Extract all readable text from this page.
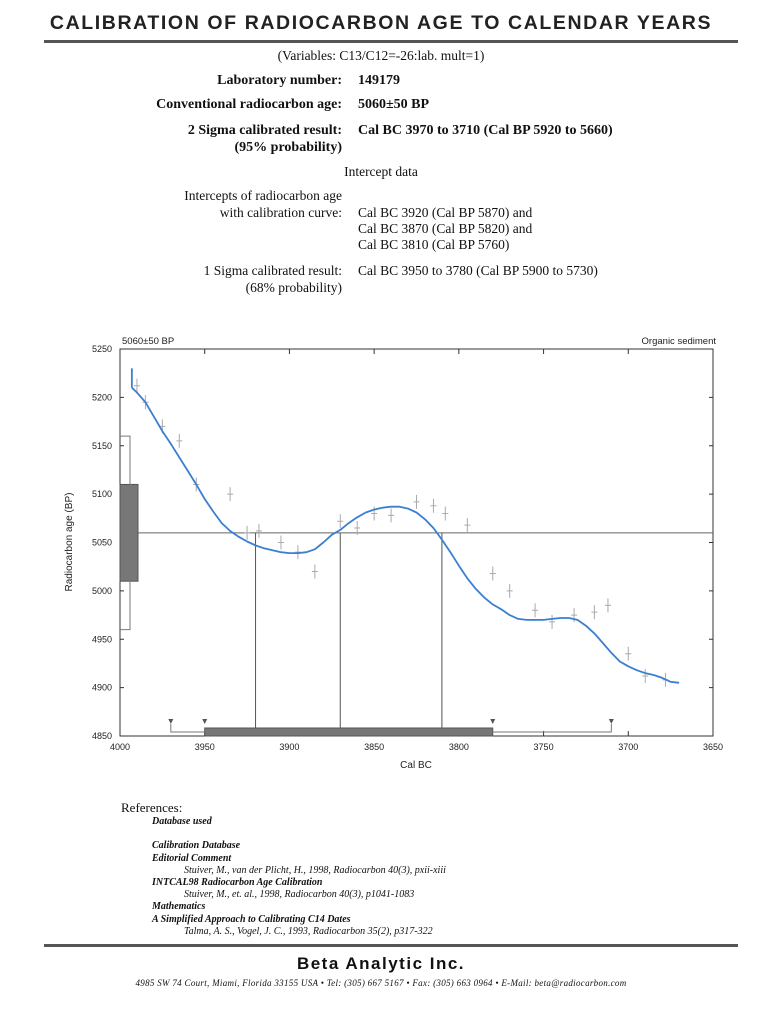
CALIBRATION OF RADIOCARBON AGE TO CALENDAR YEARS
(Variables: C13/C12=-26:lab. mult=1)
Laboratory number: 149179
Conventional radiocarbon age: 5060±50 BP
2 Sigma calibrated result:
(95% probability)
Cal BC 3970 to 3710 (Cal BP 5920 to 5660)
Intercept data
Intercepts of radiocarbon age
with calibration curve: Cal BC 3920 (Cal BP 5870) and
Cal BC 3870 (Cal BP 5820) and
Cal BC 3810 (Cal BP 5760)
1 Sigma calibrated result:
(68% probability)
Cal BC 3950 to 3780 (Cal BP 5900 to 5730)
5060±50 BP	Organic sediment
4000	3950	3900	3850	3800	3750	3700	3650
4850
4900
4950
5000
5050
5100
5150
5200
5250
Cal BC
Radiocarbon age (BP)
References:
Database used
Calibration Database
Editorial Comment
Stuiver, M., van der Plicht, H., 1998, Radiocarbon 40(3), pxii-xiii
INTCAL98 Radiocarbon Age Calibration
Stuiver, M., et. al., 1998, Radiocarbon 40(3), p1041-1083
Mathematics
A Simplified Approach to Calibrating C14 Dates
Talma, A. S., Vogel, J. C., 1993, Radiocarbon 35(2), p317-322
Beta Analytic Inc.
4985 SW 74 Court, Miami, Florida 33155 USA • Tel: (305) 667 5167 • Fax: (305) 663 0964 • E-Mail: beta@radiocarbon.com
